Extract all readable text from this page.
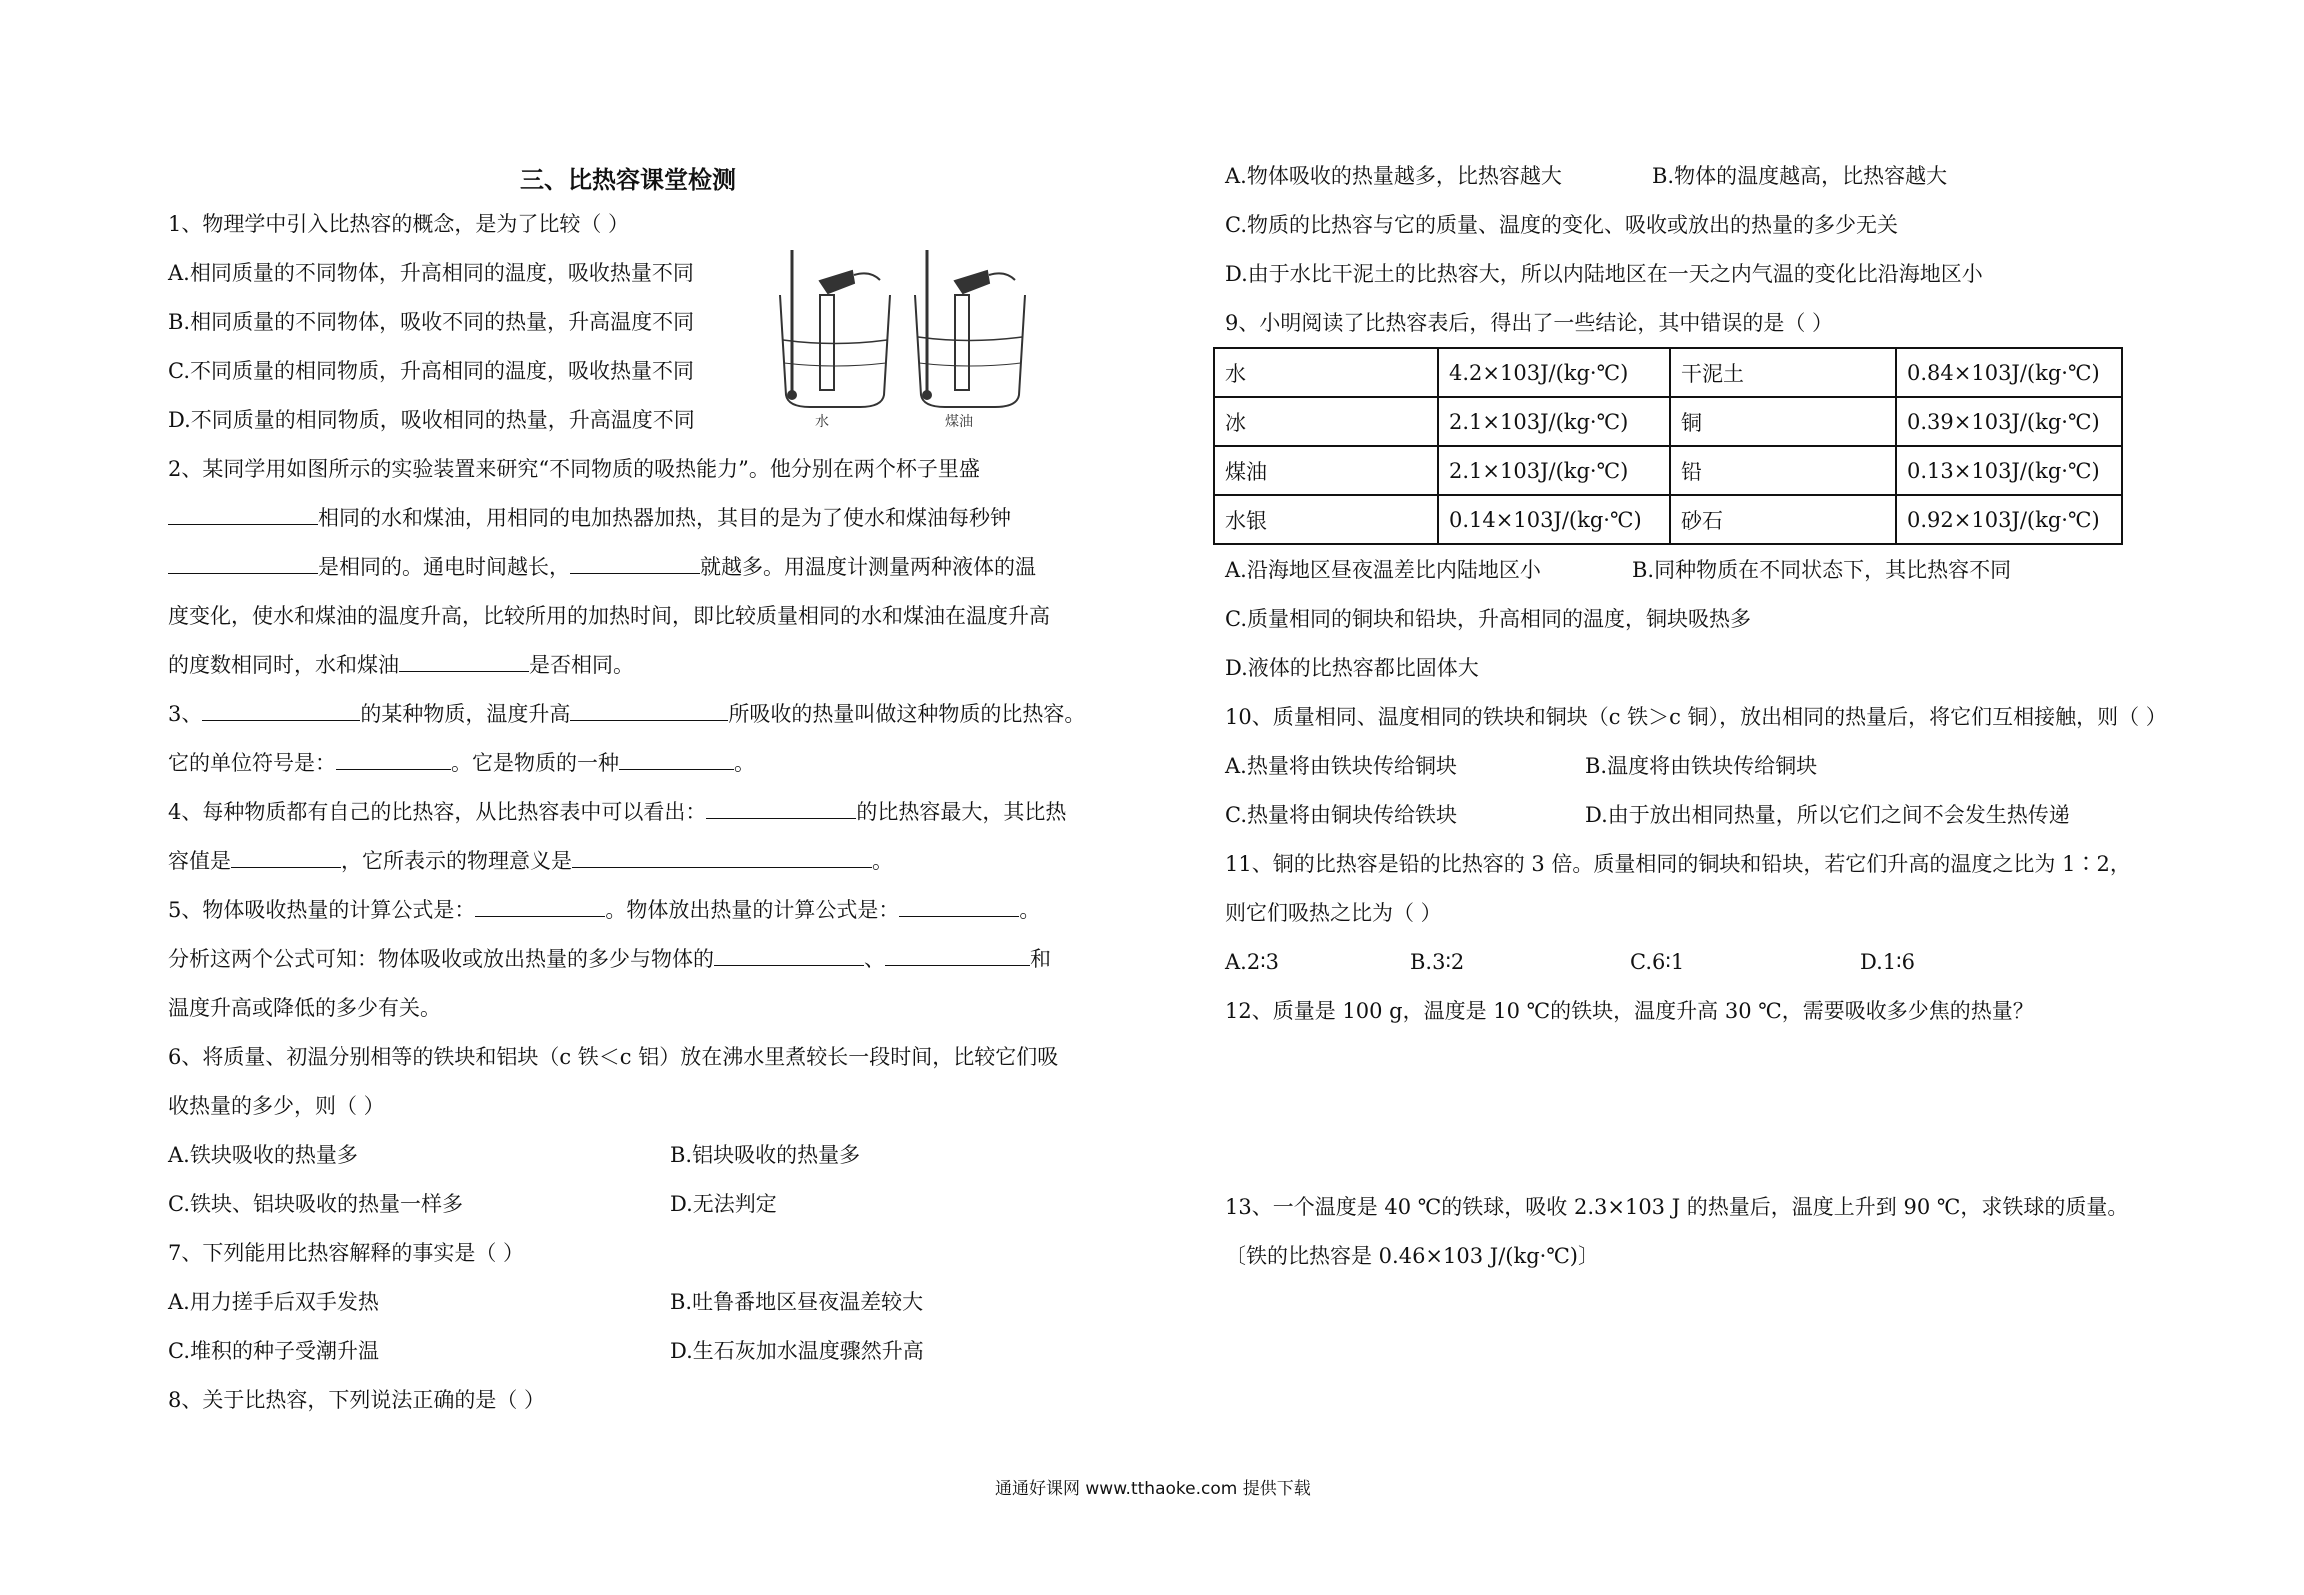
三、比热容课堂检测
1、物理学中引入比热容的概念，是为了比较（ ）
A.相同质量的不同物体，升高相同的温度，吸收热量不同
B.相同质量的不同物体，吸收不同的热量，升高温度不同
C.不同质量的相同物质，升高相同的温度，吸收热量不同
D.不同质量的相同物质，吸收相同的热量，升高温度不同	水	煤油
2、某同学用如图所示的实验装置来研究“不同物质的吸热能力”。他分别在两个杯子里盛
相同的水和煤油，用相同的电加热器加热，其目的是为了使水和煤油每秒钟
是相同的。通电时间越长，	就越多。用温度计测量两种液体的温
度变化，使水和煤油的温度升高，比较所用的加热时间，即比较质量相同的水和煤油在温度升高
的度数相同时，水和煤油	是否相同。
3、	的某种物质，温度升高	所吸收的热量叫做这种物质的比热容。
它的单位符号是：	。它是物质的一种	。
4、每种物质都有自己的比热容，从比热容表中可以看出：	的比热容最大，其比热
容值是	，它所表示的物理意义是	。
5、物体吸收热量的计算公式是：	。物体放出热量的计算公式是：	。
分析这两个公式可知：物体吸收或放出热量的多少与物体的	、	和
温度升高或降低的多少有关。
6、将质量、初温分别相等的铁块和铝块（c 铁＜c 铝）放在沸水里煮较长一段时间，比较它们吸
收热量的多少，则（ ）
A.铁块吸收的热量多	B.铝块吸收的热量多
C.铁块、铝块吸收的热量一样多	D.无法判定
7、下列能用比热容解释的事实是（ ）
A.用力搓手后双手发热	B.吐鲁番地区昼夜温差较大
C.堆积的种子受潮升温	D.生石灰加水温度骤然升高
8、关于比热容，下列说法正确的是（ ）
A.物体吸收的热量越多，比热容越大	B.物体的温度越高，比热容越大
C.物质的比热容与它的质量、温度的变化、吸收或放出的热量的多少无关
D.由于水比干泥土的比热容大，所以内陆地区在一天之内气温的变化比沿海地区小
9、小明阅读了比热容表后，得出了一些结论，其中错误的是（ ）
水	4.2×103J/(kg·℃)	干泥土	0.84×103J/(kg·℃)
冰	2.1×103J/(kg·℃)	铜	0.39×103J/(kg·℃)
煤油	2.1×103J/(kg·℃)	铅	0.13×103J/(kg·℃)
水银	0.14×103J/(kg·℃)	砂石	0.92×103J/(kg·℃)
A.沿海地区昼夜温差比内陆地区小	B.同种物质在不同状态下，其比热容不同
C.质量相同的铜块和铅块，升高相同的温度，铜块吸热多
D.液体的比热容都比固体大
10、质量相同、温度相同的铁块和铜块（c 铁＞c 铜），放出相同的热量后，将它们互相接触，则（ ）
A.热量将由铁块传给铜块	B.温度将由铁块传给铜块
C.热量将由铜块传给铁块	D.由于放出相同热量，所以它们之间不会发生热传递
11、铜的比热容是铅的比热容的 3 倍。质量相同的铜块和铅块，若它们升高的温度之比为 1∶2，
则它们吸热之比为（ ）
A.2∶3	B.3∶2	C.6∶1	D.1∶6
12、质量是 100 g，温度是 10 ℃的铁块，温度升高 30 ℃，需要吸收多少焦的热量？
13、一个温度是 40 ℃的铁球，吸收 2.3×103 J 的热量后，温度上升到 90 ℃，求铁球的质量。
〔铁的比热容是 0.46×103 J/(kg·℃)〕
通通好课网 www.tthaoke.com 提供下载
